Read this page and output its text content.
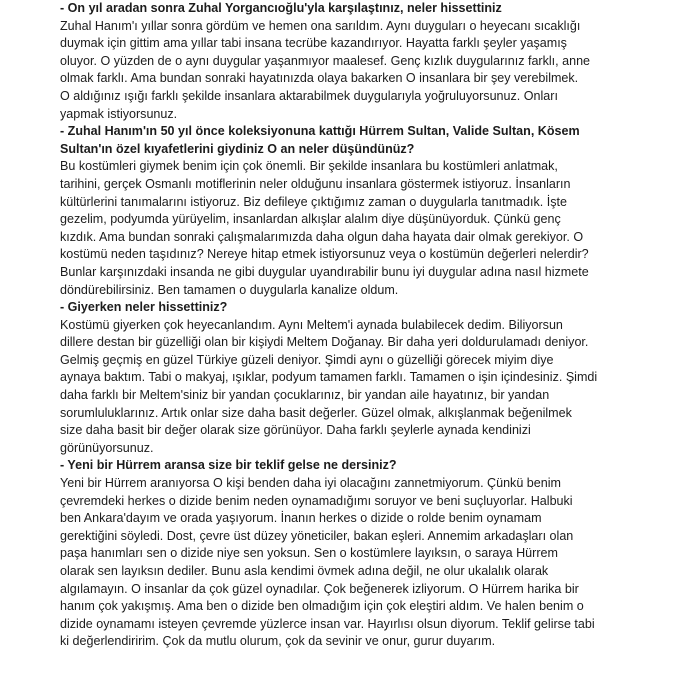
- On yıl aradan sonra Zuhal Yorgancıoğlu'yla karşılaştınız, neler hissettiniz
Zuhal Hanım'ı yıllar sonra gördüm ve hemen ona sarıldım. Aynı duyguları o heyecanı sıcaklığı
duymak için gittim ama yıllar tabi insana tecrübe kazandırıyor. Hayatta farklı şeyler yaşamış
oluyor. O yüzden de o aynı duygular yaşanmıyor maalesef. Genç kızlık duygularınız farklı, anne
olmak farklı. Ama bundan sonraki hayatınızda olaya bakarken O insanlara bir şey verebilmek.
O aldığınız ışığı farklı şekilde insanlara aktarabilmek duygularıyla yoğruluyorsunuz. Onları
yapmak istiyorsunuz.
- Zuhal Hanım'ın 50 yıl önce koleksiyonuna kattığı Hürrem Sultan, Valide Sultan, Kösem
Sultan'ın özel kıyafetlerini giydiniz O an neler düşündünüz?
Bu kostümleri giymek benim için çok önemli. Bir şekilde insanlara bu kostümleri anlatmak,
tarihini, gerçek Osmanlı motiflerinin neler olduğunu insanlara göstermek istiyoruz. İnsanların
kültürlerini tanımalarını istiyoruz. Biz defileye çıktığımız zaman o duygularla tanıtmadık. İşte
gezelim, podyumda yürüyelim, insanlardan alkışlar alalım diye düşünüyorduk. Çünkü genç
kızdık. Ama bundan sonraki çalışmalarımızda daha olgun daha hayata dair olmak gerekiyor. O
kostümü neden taşıdınız? Nereye hitap etmek istiyorsunuz veya o kostümün değerleri nelerdir?
Bunlar karşınızdaki insanda ne gibi duygular uyandırabilir bunu iyi duygular adına nasıl hizmete
döndürebilirsiniz. Ben tamamen o duygularla kanalize oldum.
- Giyerken neler hissettiniz?
Kostümü giyerken çok heyecanlandım. Aynı Meltem'i aynada bulabilecek dedim. Biliyorsun
dillere destan bir güzelliği olan bir kişiydi Meltem Doğanay. Bir daha yeri doldurulamadı deniyor.
Gelmiş geçmiş en güzel Türkiye güzeli deniyor. Şimdi aynı o güzelliği görecek miyim diye
aynaya baktım. Tabi o makyaj, ışıklar, podyum tamamen farklı. Tamamen o işin içindesiniz. Şimdi
daha farklı bir Meltem'siniz bir yandan çocuklarınız, bir yandan aile hayatınız, bir yandan
sorumluluklarınız. Artık onlar size daha basit değerler. Güzel olmak, alkışlanmak beğenilmek
size daha basit bir değer olarak size görünüyor. Daha farklı şeylerle aynada kendinizi
görünüyorsunuz.
- Yeni bir Hürrem aransa size bir teklif gelse ne dersiniz?
Yeni bir Hürrem aranıyorsa O kişi benden daha iyi olacağını zannetmiyorum. Çünkü benim
çevremdeki herkes o dizide benim neden oynamadığımı soruyor ve beni suçluyorlar. Halbuki
ben Ankara'dayım ve orada yaşıyorum. İnanın herkes o dizide o rolde benim oynamam
gerektiğini söyledi. Dost, çevre üst düzey yöneticiler, bakan eşleri. Annemim arkadaşları olan
paşa hanımları sen o dizide niye sen yoksun. Sen o kostümlere layıksın, o saraya Hürrem
olarak sen layıksın dediler. Bunu asla kendimi övmek adına değil, ne olur ukalalık olarak
algılamayın. O insanlar da çok güzel oynadılar. Çok beğenerek izliyorum. O Hürrem harika bir
hanım çok yakışmış. Ama ben o dizide ben olmadığım için çok eleştiri aldım. Ve halen benim o
dizide oynamamı isteyen çevremde yüzlerce insan var. Hayırlısı olsun diyorum. Teklif gelirse tabi
ki değerlendiririm. Çok da mutlu olurum, çok da sevinir ve onur, gurur duyarım.
